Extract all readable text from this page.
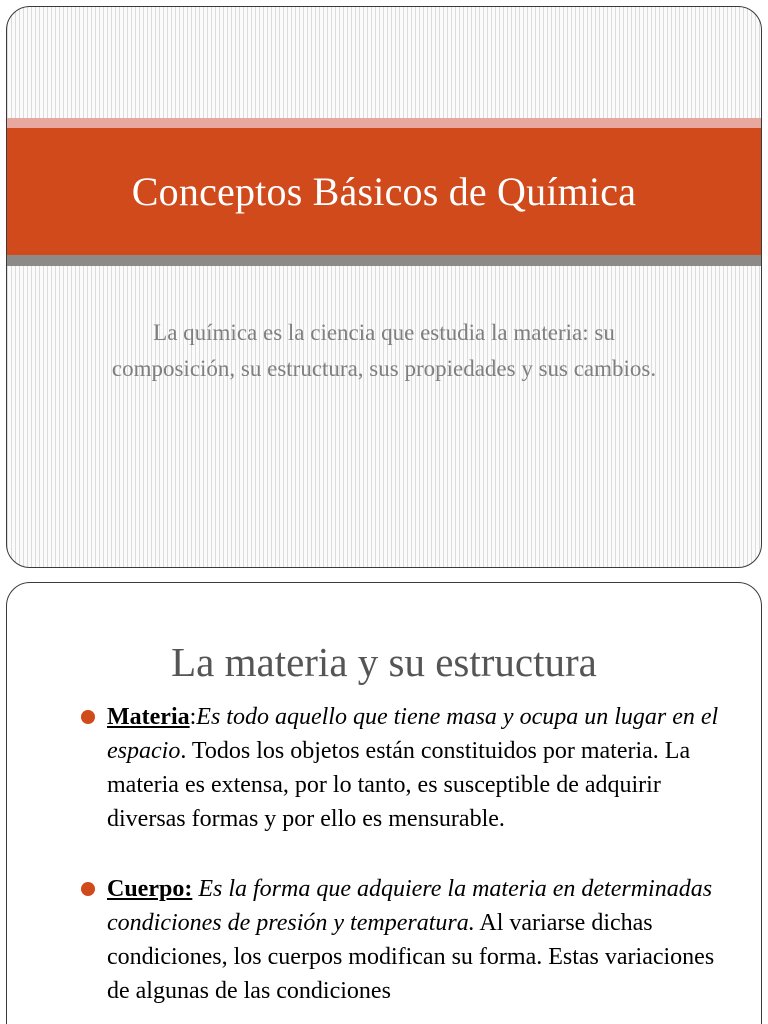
Conceptos Básicos de Química

La química es la ciencia que estudia la materia: su composición, su estructura, sus propiedades y sus cambios.

La materia y su estructura
Materia:Es todo aquello que tiene masa y ocupa un lugar en el espacio. Todos los objetos están constituidos por materia. La materia es extensa, por lo tanto, es susceptible de adquirir diversas formas y por ello es mensurable.
Cuerpo: Es la forma que adquiere la materia en determinadas condiciones de presión y temperatura. Al variarse dichas condiciones, los cuerpos modifican su forma. Estas variaciones de algunas de las condiciones
